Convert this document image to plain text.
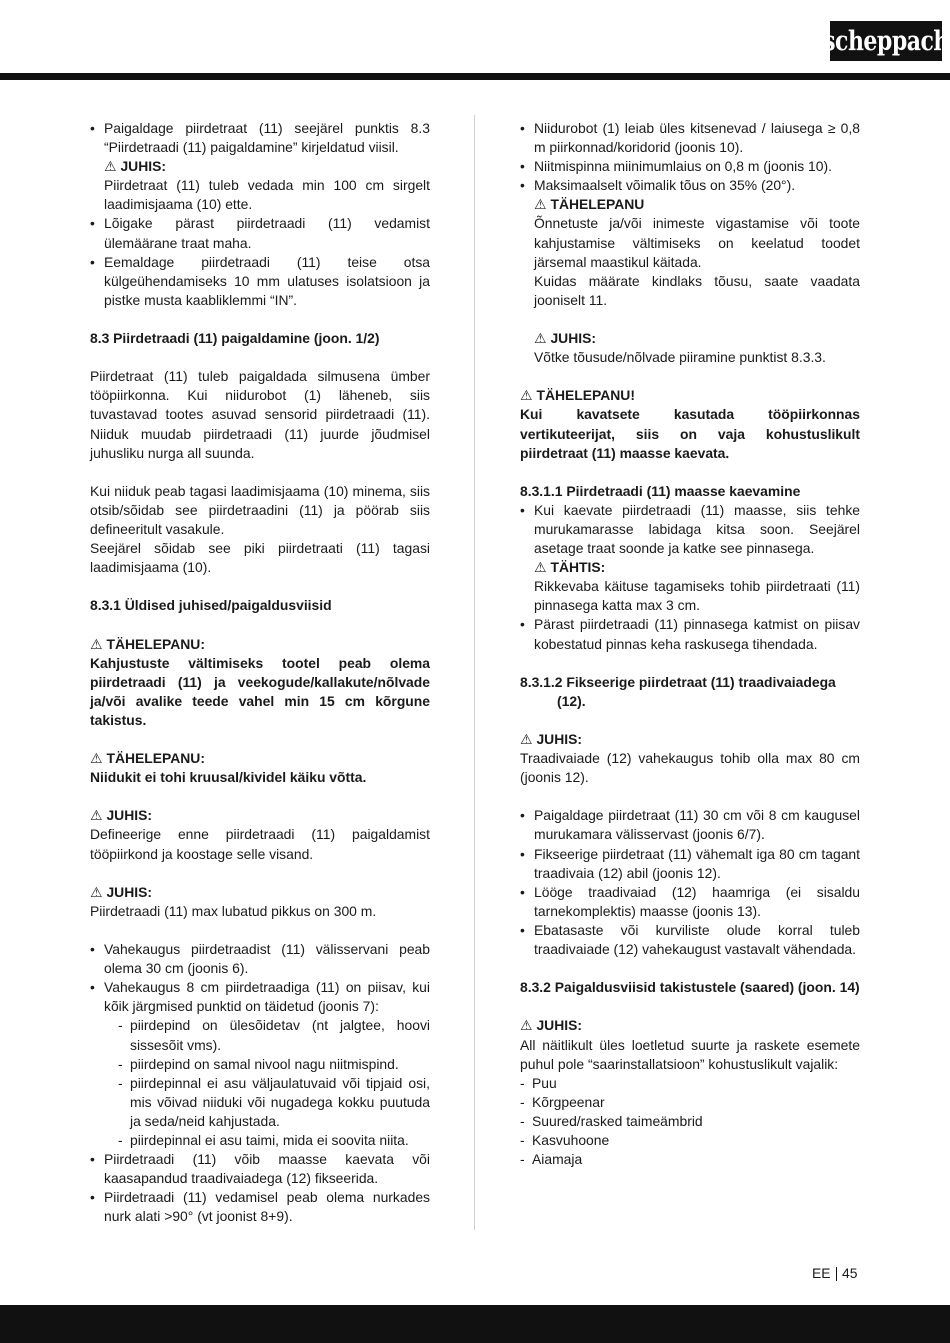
scheppach

• Paigaldage piirdetraat (11) seejärel punktis 8.3 “Piirdetraadi (11) paigaldamine” kirjeldatud viisil.

⚠ JUHIS:

Piirdetraat (11) tuleb vedada min 100 cm sirgelt laadimisjaama (10) ette.

• Lõigake pärast piirdetraadi (11) vedamist ülemäärane traat maha.

• Eemaldage piirdetraadi (11) teise otsa külgeühendamiseks 10 mm ulatuses isolatsioon ja pistke musta kaabliklemmi “IN”.

8.3 Piirdetraadi (11) paigaldamine (joon. 1/2)

Piirdetraat (11) tuleb paigaldada silmusena ümber tööpiirkonna. Kui niidurobot (1) läheneb, siis tuvastavad tootes asuvad sensorid piirdetraadi (11). Niiduk muudab piirdetraadi (11) juurde jõudmisel juhusliku nurga all suunda.

Kui niiduk peab tagasi laadimisjaama (10) minema, siis otsib/sõidab see piirdetraadini (11) ja pöörab siis defineeritult vasakule.

Seejärel sõidab see piki piirdetraati (11) tagasi laadimisjaama (10).

8.3.1 Üldised juhised/paigaldusviisid

⚠ TÄHELEPANU:

Kahjustuste vältimiseks tootel peab olema piirdetraadi (11) ja veekogude/kallakute/nõlvade ja/või avalike teede vahel min 15 cm kõrgune takistus.

⚠ TÄHELEPANU:

Niidukit ei tohi kruusal/kividel käiku võtta.

⚠ JUHIS:

Defineerige enne piirdetraadi (11) paigaldamist tööpiirkond ja koostage selle visand.

⚠ JUHIS:

Piirdetraadi (11) max lubatud pikkus on 300 m.

• Vahekaugus piirdetraadist (11) välisservani peab olema 30 cm (joonis 6).

• Vahekaugus 8 cm piirdetraadiga (11) on piisav, kui kõik järgmised punktid on täidetud (joonis 7):

- piirdepind on ülesõidetav (nt jalgtee, hoovi sissesõit vms).

- piirdepind on samal nivool nagu niitmispind.

- piirdepinnal ei asu väljaulatuvaid või tipjaid osi, mis võivad niiduki või nugadega kokku puutuda ja seda/neid kahjustada.

- piirdepinnal ei asu taimi, mida ei soovita niita.

• Piirdetraadi (11) võib maasse kaevata või kaasapandud traadivaiadega (12) fikseerida.

• Piirdetraadi (11) vedamisel peab olema nurkades nurk alati >90° (vt joonist 8+9).

• Niidurobot (1) leiab üles kitsenevad / laiusega ≥ 0,8 m piirkonnad/koridorid (joonis 10).

• Niitmispinna miinimumlaius on 0,8 m (joonis 10).

• Maksimaalselt võimalik tõus on 35% (20°).

⚠ TÄHELEPANU

Õnnetuste ja/või inimeste vigastamise või toote kahjustamise vältimiseks on keelatud toodet järsemal maastikul käitada.

Kuidas määrate kindlaks tõusu, saate vaadata jooniselt 11.

⚠ JUHIS:

Võtke tõusude/nõlvade piiramine punktist 8.3.3.

⚠ TÄHELEPANU!

Kui kavatsete kasutada tööpiirkonnas vertikuteerijat, siis on vaja kohustuslikult piirdetraat (11) maasse kaevata.

8.3.1.1 Piirdetraadi (11) maasse kaevamine

• Kui kaevate piirdetraadi (11) maasse, siis tehke murukamarasse labidaga kitsa soon. Seejärel asetage traat soonde ja katke see pinnasega.

⚠ TÄHTIS:

Rikkevaba käituse tagamiseks tohib piirdetraati (11) pinnasega katta max 3 cm.

• Pärast piirdetraadi (11) pinnasega katmist on piisav kobestatud pinnas keha raskusega tihendada.

8.3.1.2 Fikseerige piirdetraat (11) traadivaiadega (12).

⚠ JUHIS:

Traadivaiade (12) vahekaugus tohib olla max 80 cm (joonis 12).

• Paigaldage piirdetraat (11) 30 cm või 8 cm kaugusel murukamara välisservast (joonis 6/7).

• Fikseerige piirdetraat (11) vähemalt iga 80 cm tagant traadivaia (12) abil (joonis 12).

• Lööge traadivaiad (12) haamriga (ei sisaldu tarnekomplektis) maasse (joonis 13).

• Ebatasaste või kurviliste olude korral tuleb traadivaiade (12) vahekaugust vastavalt vähendada.

8.3.2 Paigaldusviisid takistustele (saared) (joon. 14)

⚠ JUHIS:

All näitlikult üles loetletud suurte ja raskete esemete puhul pole “saarinstallatsioon” kohustuslikult vajalik:

- Puu

- Kõrgpeenar

- Suured/rasked taimeämbrid

- Kasvuhoone

- Aiamaja

EE 45
